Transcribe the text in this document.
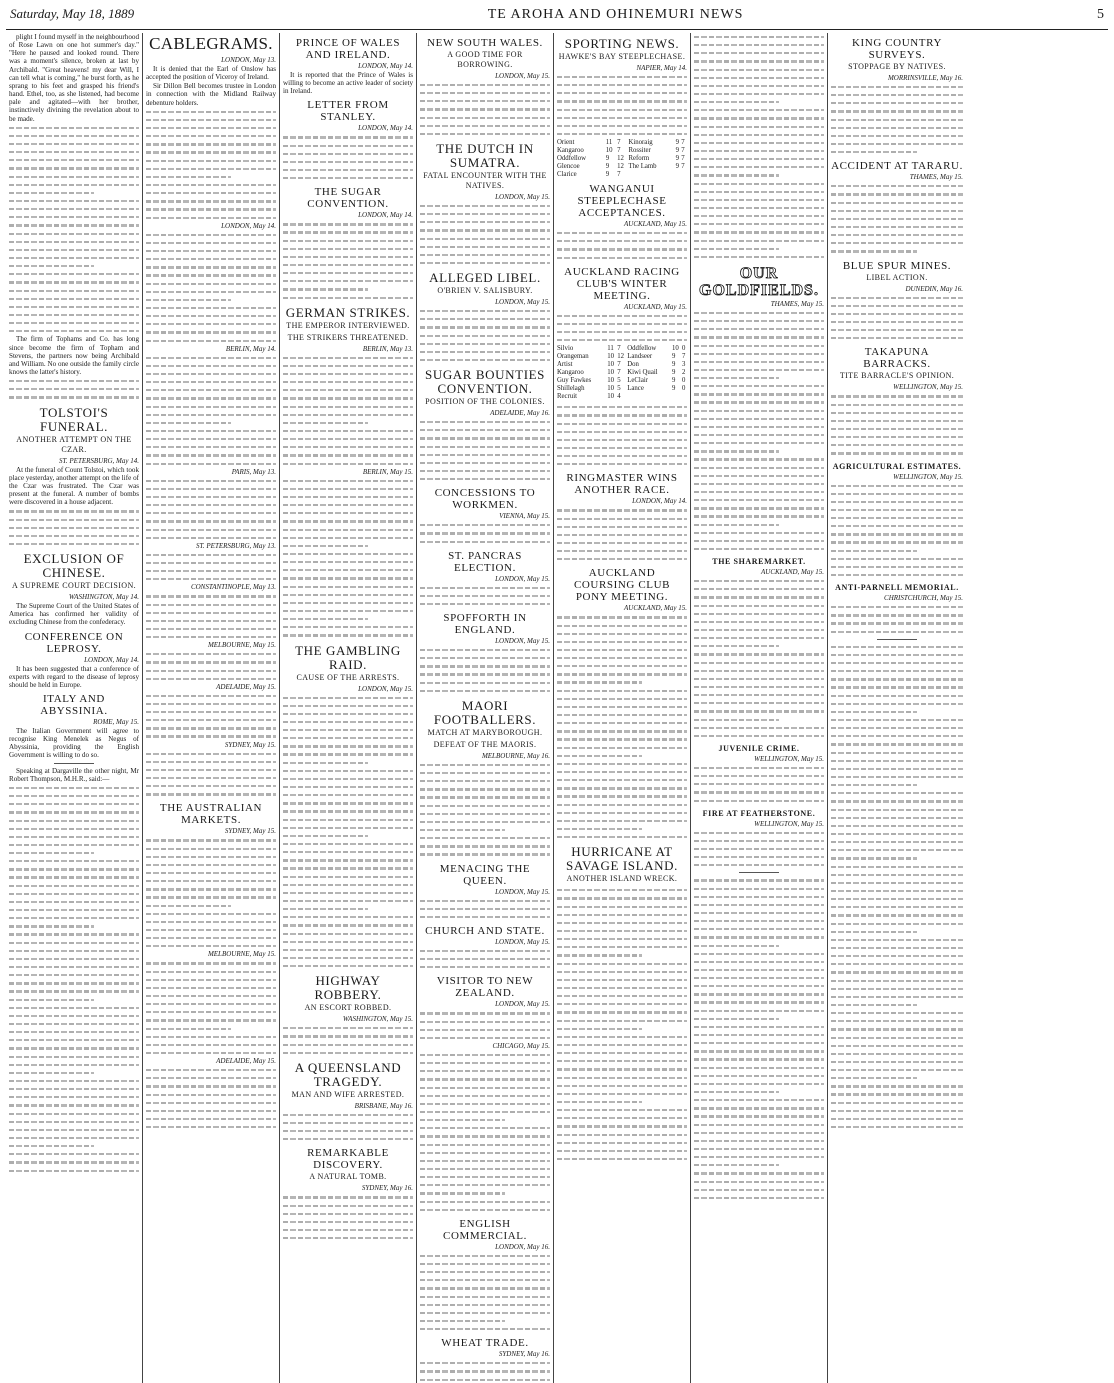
Saturday, May 18, 1889	TE AROHA AND OHINEMURI NEWS	5

plight I found myself in the neighbourhood of Rose Lawn on one hot summer's day." "Here he paused and looked round. There was a moment's silence, broken at last by Archibald. "Great heavens! my dear Will, I can tell what is coming," he burst forth, as he sprang to his feet and grasped his friend's hand. Ethel, too, as she listened, had become pale and agitated—with her brother, instinctively divining the revelation about to be made.

The firm of Tophams and Co. has long since become the firm of Topham and Stevens, the partners now being Archibald and William. No one outside the family circle knows the latter's history.

TOLSTOI'S FUNERAL.
ANOTHER ATTEMPT ON THE CZAR.
ST. PETERSBURG, May 14.

At the funeral of Count Tolstoi, which took place yesterday, another attempt on the life of the Czar was frustrated. The Czar was present at the funeral. A number of bombs were discovered in a house adjacent.

EXCLUSION OF CHINESE.
A SUPREME COURT DECISION.
WASHINGTON, May 14.

The Supreme Court of the United States of America has confirmed her validity of excluding Chinese from the confederacy.

CONFERENCE ON LEPROSY.
LONDON, May 14.

It has been suggested that a conference of experts with regard to the disease of leprosy should be held in Europe.

ITALY AND ABYSSINIA.
ROME, May 15.

The Italian Government will agree to recognise King Menelek as Negus of Abyssinia, providing the English Government is willing to do so.

Speaking at Dargaville the other night, Mr Robert Thompson, M.H.R., said:—

CABLEGRAMS.
LONDON, May 13.

It is denied that the Earl of Onslow has accepted the position of Viceroy of Ireland.

Sir Dillon Bell becomes trustee in London in connection with the Midland Railway debenture holders.

LONDON, May 14.
BERLIN, May 14.
PARIS, May 13.
ST. PETERSBURG, May 13.
CONSTANTINOPLE, May 13.
MELBOURNE, May 15.
ADELAIDE, May 15.
SYDNEY, May 15.
THE AUSTRALIAN MARKETS.
SYDNEY, May 15.
MELBOURNE, May 15.
ADELAIDE, May 15.
PRINCE OF WALES AND IRELAND.
LONDON, May 14.

It is reported that the Prince of Wales is willing to become an active leader of society in Ireland.

LETTER FROM STANLEY.
LONDON, May 14.
THE SUGAR CONVENTION.
LONDON, May 14.
GERMAN STRIKES.
THE EMPEROR INTERVIEWED.
THE STRIKERS THREATENED.
BERLIN, May 13.
BERLIN, May 15.
THE GAMBLING RAID.
CAUSE OF THE ARRESTS.
LONDON, May 15.
HIGHWAY ROBBERY.
AN ESCORT ROBBED.
WASHINGTON, May 15.
A QUEENSLAND TRAGEDY.
MAN AND WIFE ARRESTED.
BRISBANE, May 16.
REMARKABLE DISCOVERY.
A NATURAL TOMB.
SYDNEY, May 16.
NEW SOUTH WALES.
A GOOD TIME FOR BORROWING.
LONDON, May 15.
THE DUTCH IN SUMATRA.
FATAL ENCOUNTER WITH THE NATIVES.
LONDON, May 15.
ALLEGED LIBEL.
O'BRIEN V. SALISBURY.
LONDON, May 15.
SUGAR BOUNTIES CONVENTION.
POSITION OF THE COLONIES.
ADELAIDE, May 16.
CONCESSIONS TO WORKMEN.
VIENNA, May 15.
ST. PANCRAS ELECTION.
LONDON, May 15.
SPOFFORTH IN ENGLAND.
LONDON, May 15.
MAORI FOOTBALLERS.
MATCH AT MARYBOROUGH.
DEFEAT OF THE MAORIS.
MELBOURNE, May 16.
MENACING THE QUEEN.
LONDON, May 15.
CHURCH AND STATE.
LONDON, May 15.
VISITOR TO NEW ZEALAND.
LONDON, May 15.
CHICAGO, May 15.
ENGLISH COMMERCIAL.
LONDON, May 16.
WHEAT TRADE.
SYDNEY, May 16.
SPORTING NEWS.
HAWKE'S BAY STEEPLECHASE.
NAPIER, May 14.
Orient	11	7	Kinoraig	9	7
Kangaroo	10	7	Rossiter	9	7
Oddfellow	9	12	Reform	9	7
Glencoe	9	12	The Lamb	9	7
Clarice	9	7			
WANGANUI STEEPLECHASE ACCEPTANCES.
AUCKLAND, May 15.
AUCKLAND RACING CLUB'S WINTER MEETING.
AUCKLAND, May 15.
Silvio	11	7	Oddfellow	10	0
Orangeman	10	12	Landseer	9	7
Artist	10	7	Don	9	3
Kangaroo	10	7	Kiwi Quail	9	2
Guy Fawkes	10	5	LeClair	9	0
Shillelagh	10	5	Lance	9	0
Recruit	10	4			
RINGMASTER WINS ANOTHER RACE.
LONDON, May 14.
AUCKLAND COURSING CLUB PONY MEETING.
AUCKLAND, May 15.
HURRICANE AT SAVAGE ISLAND.
ANOTHER ISLAND WRECK.
OUR GOLDFIELDS.
THAMES, May 15.
THE SHAREMARKET.
AUCKLAND, May 15.
JUVENILE CRIME.
WELLINGTON, May 15.
FIRE AT FEATHERSTONE.
WELLINGTON, May 15.
KING COUNTRY SURVEYS.
STOPPAGE BY NATIVES.
MORRINSVILLE, May 16.
ACCIDENT AT TARARU.
THAMES, May 15.
BLUE SPUR MINES.
LIBEL ACTION.
DUNEDIN, May 16.
TAKAPUNA BARRACKS.
TITE BARRACLE'S OPINION.
WELLINGTON, May 15.
AGRICULTURAL ESTIMATES.
WELLINGTON, May 15.
ANTI-PARNELL MEMORIAL.
CHRISTCHURCH, May 15.
